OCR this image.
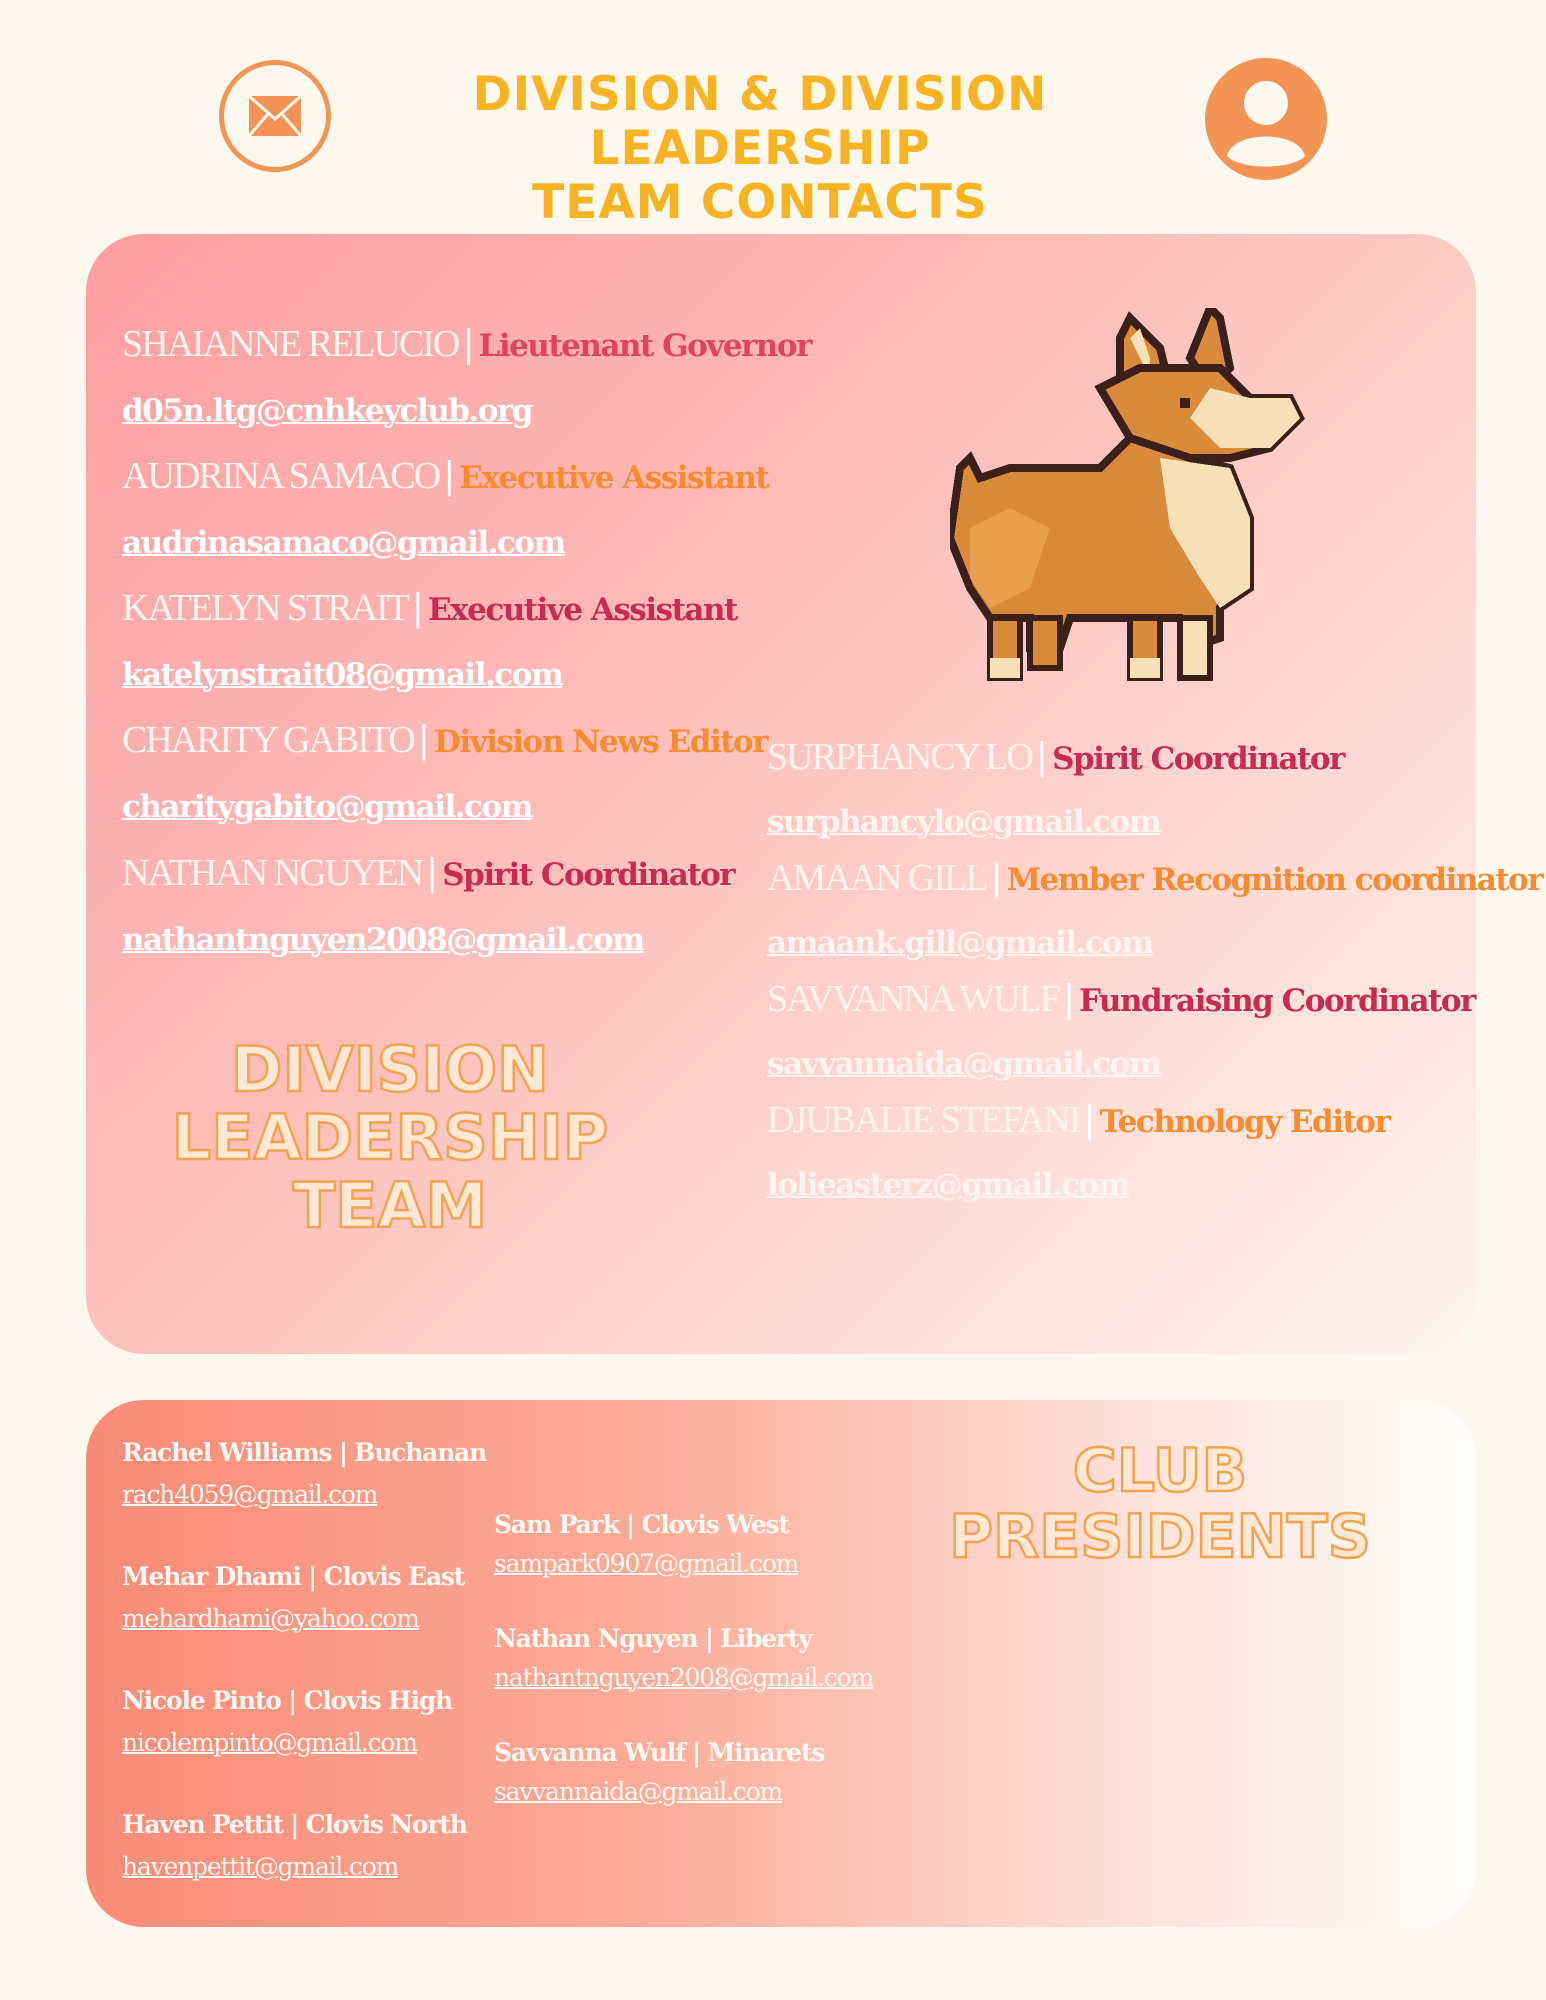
DIVISION & DIVISION LEADERSHIP
TEAM CONTACTS
SHAIANNE RELUCIO | Lieutenant Governor
d05n.ltg@cnhkeyclub.org
AUDRINA SAMACO | Executive Assistant
audrinasamaco@gmail.com
KATELYN STRAIT | Executive Assistant
katelynstrait08@gmail.com
CHARITY GABITO | Division News Editor
charitygabito@gmail.com
NATHAN NGUYEN | Spirit Coordinator
nathantnguyen2008@gmail.com
DIVISION
LEADERSHIP
TEAM
SURPHANCY LO | Spirit Coordinator
surphancylo@gmail.com
AMAAN GILL | Member Recognition coordinator
amaank.gill@gmail.com
SAVVANNA WULF | Fundraising Coordinator
savvannaida@gmail.com
DJUBALIE STEFANI | Technology Editor
lolieasterz@gmail.com
CLUB
PRESIDENTS
Rachel Williams | Buchanan
rach4059@gmail.com
Mehar Dhami | Clovis East
mehardhami@yahoo.com
Nicole Pinto | Clovis High
nicolempinto@gmail.com
Haven Pettit | Clovis North
havenpettit@gmail.com
Sam Park | Clovis West
sampark0907@gmail.com
Nathan Nguyen | Liberty
nathantnguyen2008@gmail.com
Savvanna Wulf | Minarets
savvannaida@gmail.com
